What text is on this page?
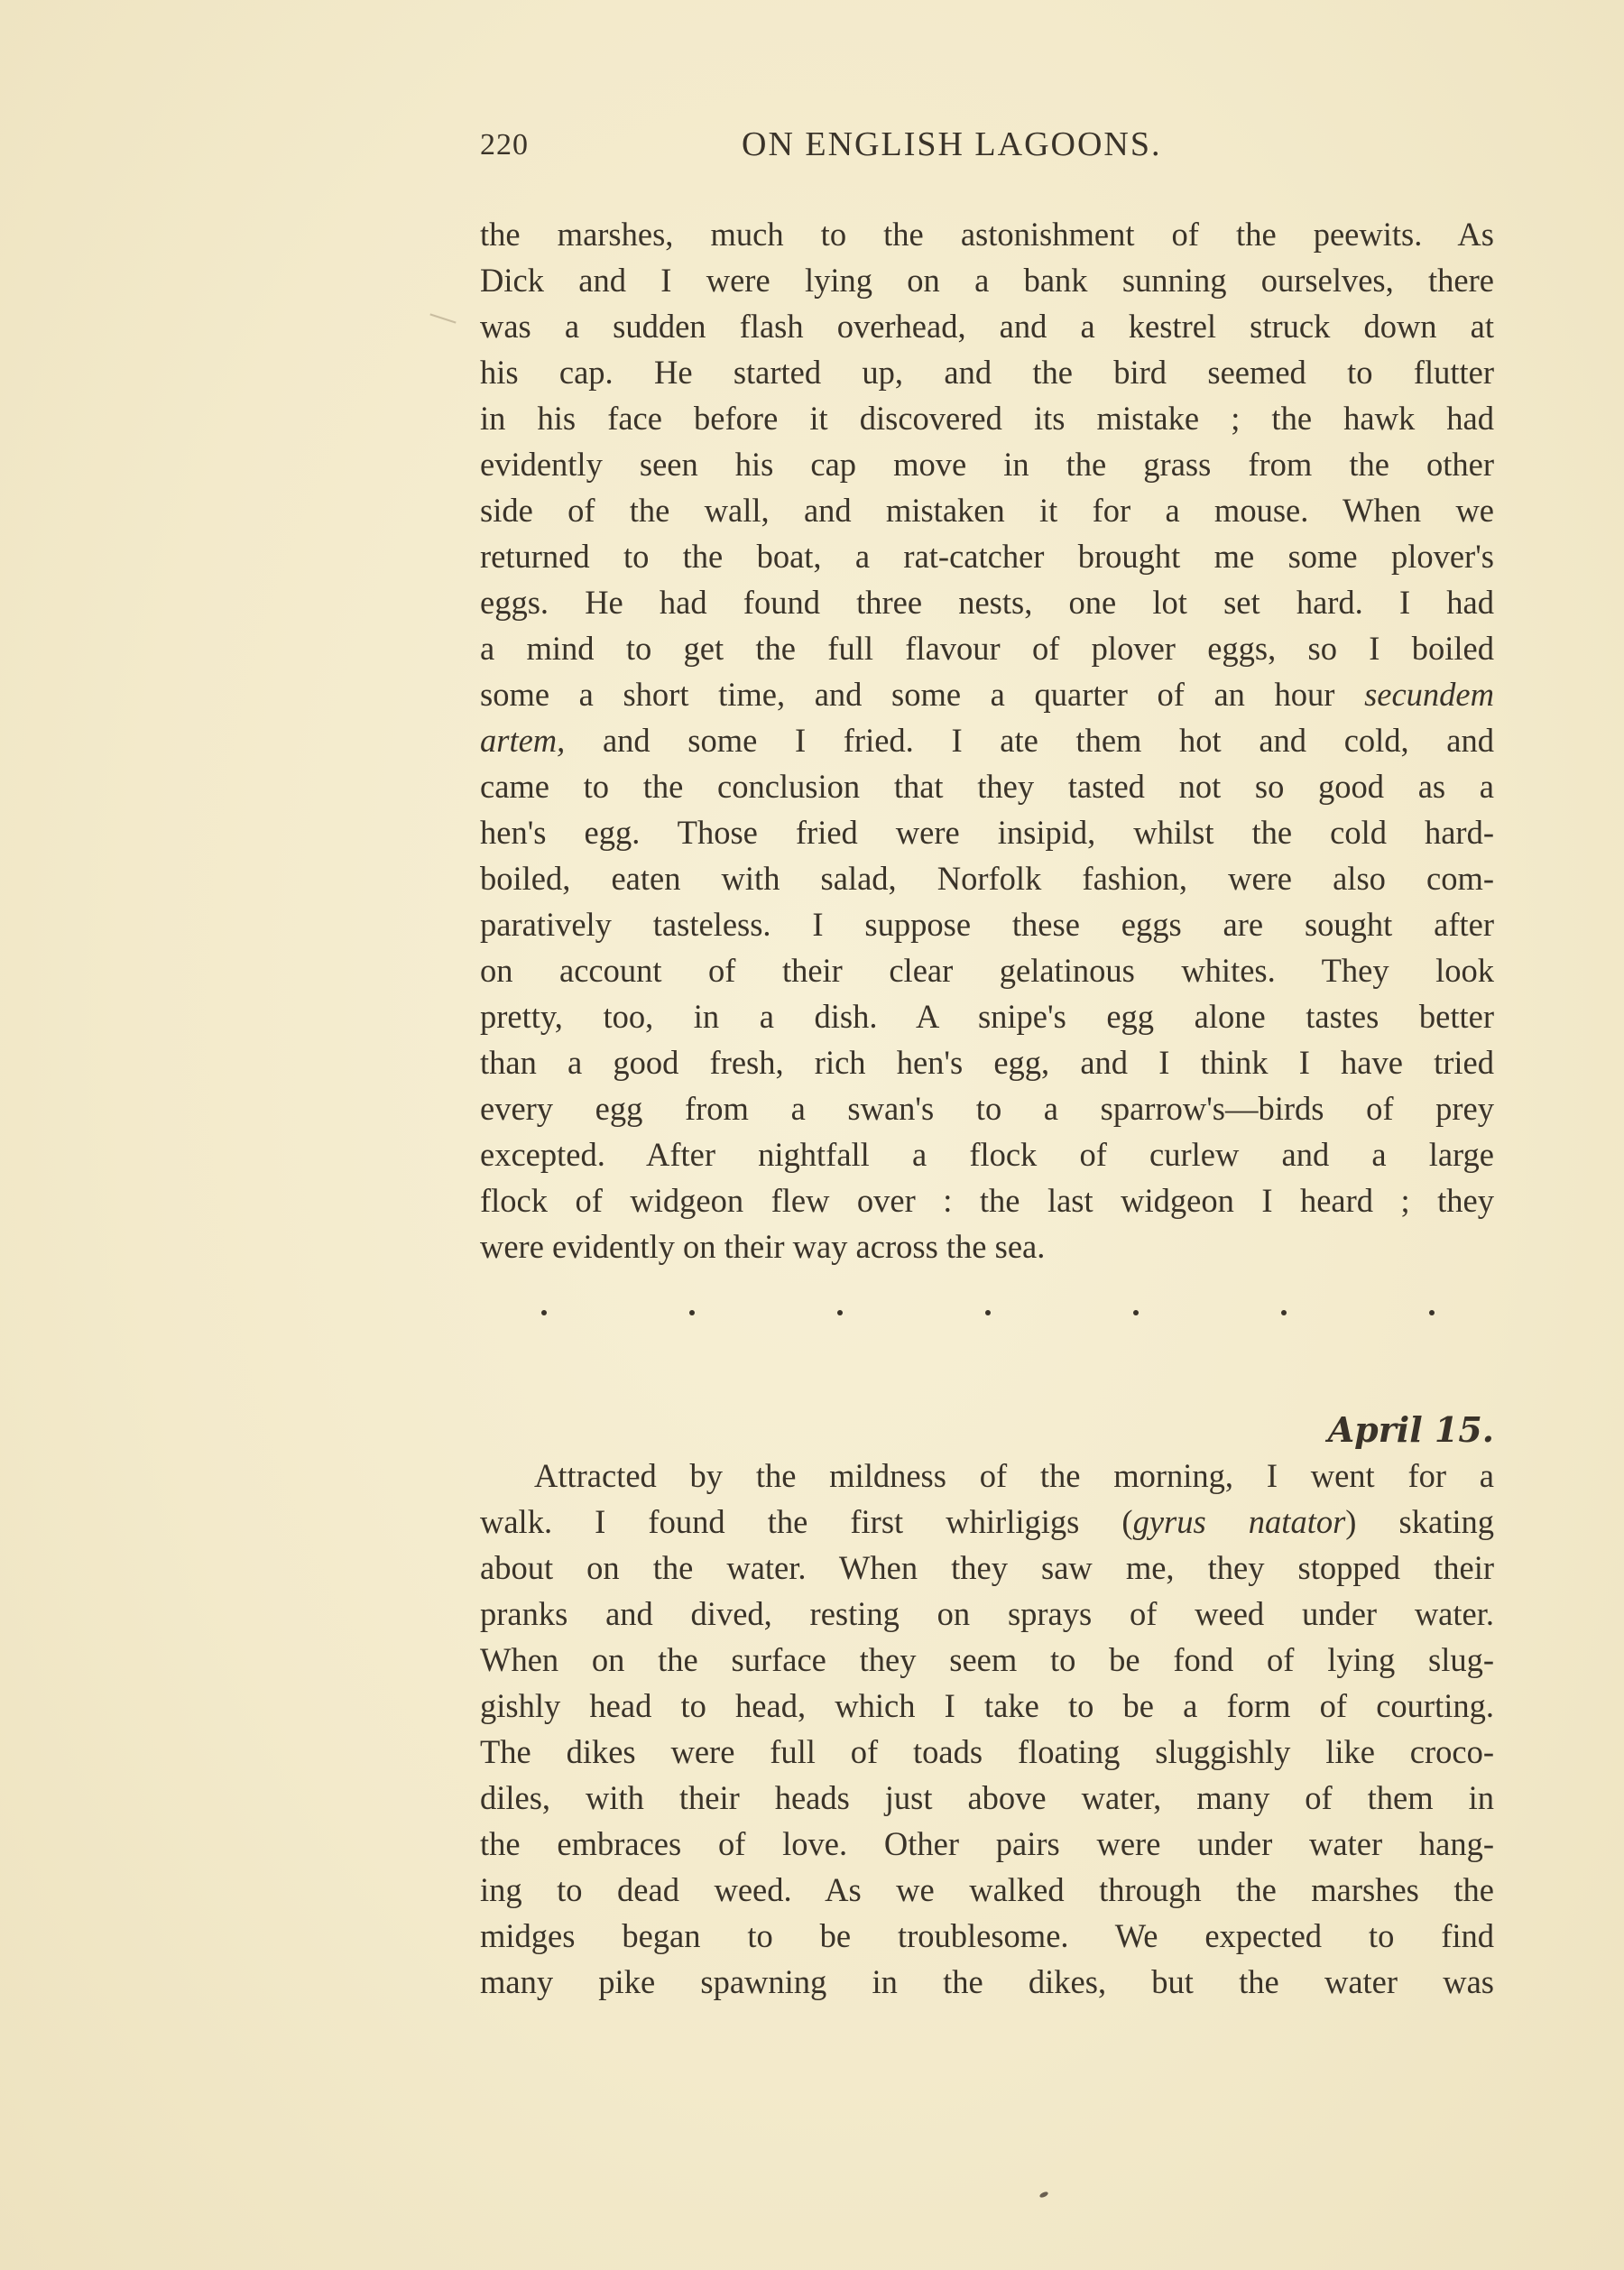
220	ON ENGLISH LAGOONS.
the marshes, much to the astonishment of the peewits. As
Dick and I were lying on a bank sunning ourselves, there
was a sudden flash overhead, and a kestrel struck down at
his cap. He started up, and the bird seemed to flutter
in his face before it discovered its mistake ; the hawk had
evidently seen his cap move in the grass from the other
side of the wall, and mistaken it for a mouse. When we
returned to the boat, a rat-catcher brought me some plover's
eggs. He had found three nests, one lot set hard. I had
a mind to get the full flavour of plover eggs, so I boiled
some a short time, and some a quarter of an hour secundem
artem, and some I fried. I ate them hot and cold, and
came to the conclusion that they tasted not so good as a
hen's egg. Those fried were insipid, whilst the cold hard-
boiled, eaten with salad, Norfolk fashion, were also com-
paratively tasteless. I suppose these eggs are sought after
on account of their clear gelatinous whites. They look
pretty, too, in a dish. A snipe's egg alone tastes better
than a good fresh, rich hen's egg, and I think I have tried
every egg from a swan's to a sparrow's—birds of prey
excepted. After nightfall a flock of curlew and a large
flock of widgeon flew over : the last widgeon I heard ; they
were evidently on their way across the sea.
April 15.
Attracted by the mildness of the morning, I went for a
walk. I found the first whirligigs (gyrus natator) skating
about on the water. When they saw me, they stopped their
pranks and dived, resting on sprays of weed under water.
When on the surface they seem to be fond of lying slug-
gishly head to head, which I take to be a form of courting.
The dikes were full of toads floating sluggishly like croco-
diles, with their heads just above water, many of them in
the embraces of love. Other pairs were under water hang-
ing to dead weed. As we walked through the marshes the
midges began to be troublesome. We expected to find
many pike spawning in the dikes, but the water was
